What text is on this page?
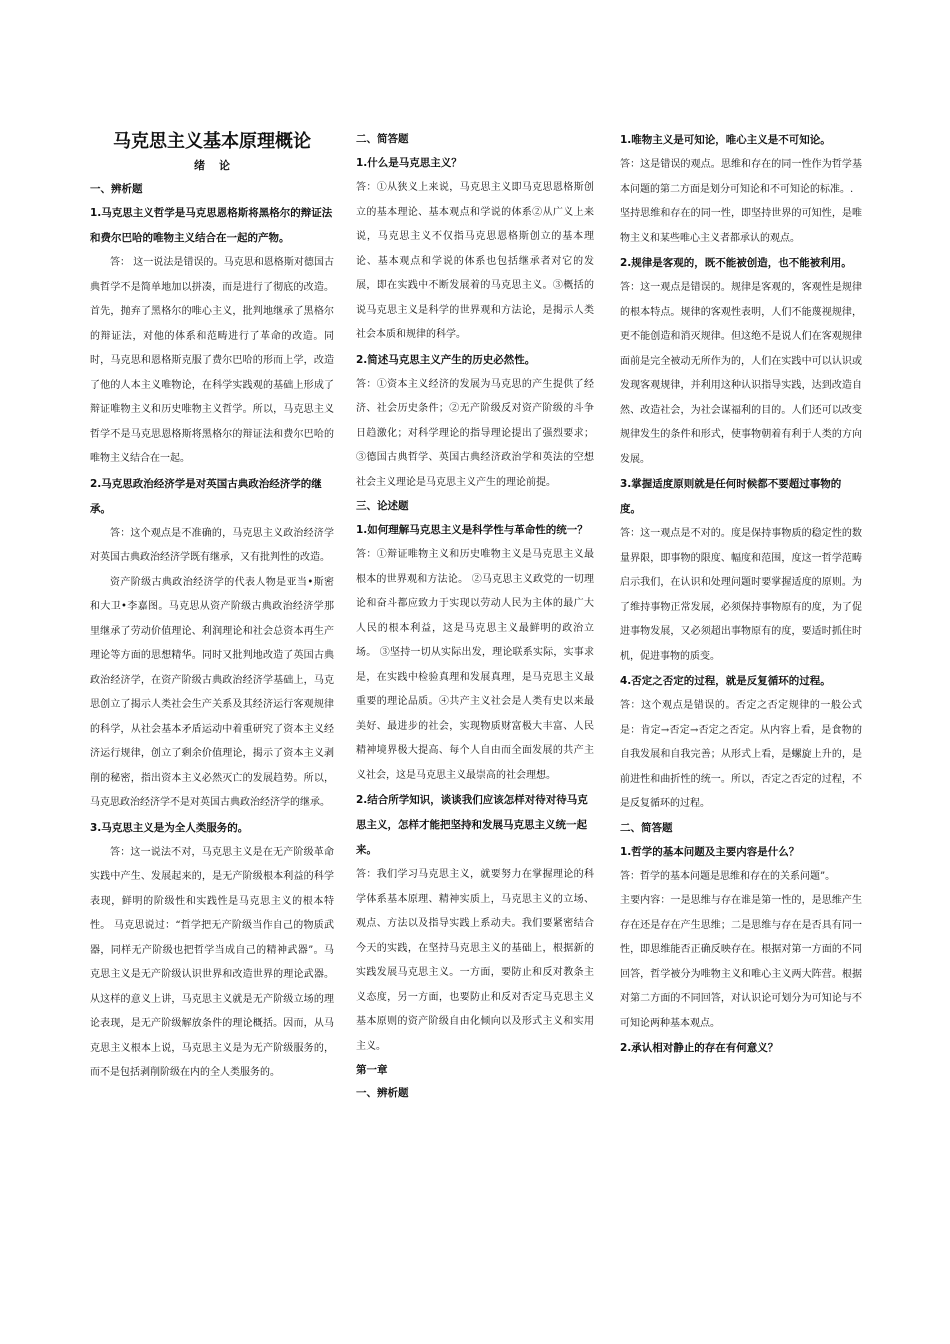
马克思主义基本原理概论
绪论
一、辨析题
1.马克思主义哲学是马克思恩格斯将黑格尔的辩证法和费尔巴哈的唯物主义结合在一起的产物。

答： 这一说法是错误的。马克思和恩格斯对德国古典哲学不是简单地加以拼凑，而是进行了彻底的改造。首先，抛弃了黑格尔的唯心主义，批判地继承了黑格尔的辩证法，对他的体系和范畴进行了革命的改造。同时，马克思和恩格斯克服了费尔巴哈的形而上学，改造了他的人本主义唯物论，在科学实践观的基础上形成了辩证唯物主义和历史唯物主义哲学。所以，马克思主义哲学不是马克思恩格斯将黑格尔的辩证法和费尔巴哈的唯物主义结合在一起。

2.马克思政治经济学是对英国古典政治经济学的继承。

答：这个观点是不准确的，马克思主义政治经济学对英国古典政治经济学既有继承，又有批判性的改造。

资产阶级古典政治经济学的代表人物是亚当•斯密和大卫•李嘉图。马克思从资产阶级古典政治经济学那里继承了劳动价值理论、利润理论和社会总资本再生产理论等方面的思想精华。同时又批判地改造了英国古典政治经济学，在资产阶级古典政治经济学基础上，马克思创立了揭示人类社会生产关系及其经济运行客观规律的科学，从社会基本矛盾运动中着重研究了资本主义经济运行规律，创立了剩余价值理论，揭示了资本主义剥削的秘密，指出资本主义必然灭亡的发展趋势。所以，马克思政治经济学不是对英国古典政治经济学的继承。

3.马克思主义是为全人类服务的。

答：这一说法不对，马克思主义是在无产阶级革命实践中产生、发展起来的，是无产阶级根本利益的科学表现，鲜明的阶级性和实践性是马克思主义的根本特性。 马克思说过：“哲学把无产阶级当作自己的物质武器，同样无产阶级也把哲学当成自己的精神武器”。马克思主义是无产阶级认识世界和改造世界的理论武器。从这样的意义上讲，马克思主义就是无产阶级立场的理论表现，是无产阶级解放条件的理论概括。因而，从马克思主义根本上说，马克思主义是为无产阶级服务的，而不是包括剥削阶级在内的全人类服务的。

二、简答题
1.什么是马克思主义？

答：①从狭义上来说，马克思主义即马克思恩格斯创立的基本理论、基本观点和学说的体系②从广义上来说，马克思主义不仅指马克思恩格斯创立的基本理论、基本观点和学说的体系也包括继承者对它的发展，即在实践中不断发展着的马克思主义。③概括的说马克思主义是科学的世界观和方法论，是揭示人类社会本质和规律的科学。

2.简述马克思主义产生的历史必然性。

答：①资本主义经济的发展为马克思的产生提供了经济、社会历史条件；②无产阶级反对资产阶级的斗争日趋激化；对科学理论的指导理论提出了强烈要求；③德国古典哲学、英国古典经济政治学和英法的空想社会主义理论是马克思主义产生的理论前提。

三、论述题
1.如何理解马克思主义是科学性与革命性的统一？

答：①辩证唯物主义和历史唯物主义是马克思主义最根本的世界观和方法论。 ②马克思主义政党的一切理论和奋斗都应致力于实现以劳动人民为主体的最广大人民的根本利益，这是马克思主义最鲜明的政治立场。 ③坚持一切从实际出发，理论联系实际，实事求是，在实践中检验真理和发展真理，是马克思主义最重要的理论品质。④共产主义社会是人类有史以来最美好、最进步的社会，实现物质财富极大丰富、人民精神境界极大提高、每个人自由而全面发展的共产主义社会，这是马克思主义最崇高的社会理想。

2.结合所学知识，谈谈我们应该怎样对待对待马克思主义，怎样才能把坚持和发展马克思主义统一起来。

答：我们学习马克思主义，就要努力在掌握理论的科学体系基本原理、精神实质上，马克思主义的立场、观点、方法以及指导实践上系动夫。我们要紧密结合今天的实践，在坚持马克思主义的基础上，根据新的实践发展马克思主义。一方面，要防止和反对教条主义态度，另一方面，也要防止和反对否定马克思主义基本原则的资产阶级自由化倾向以及形式主义和实用主义。

第一章
一、辨析题
1.唯物主义是可知论，唯心主义是不可知论。

答：这是错误的观点。思维和存在的同一性作为哲学基本问题的第二方面是划分可知论和不可知论的标准。.

坚持思维和存在的同一性，即坚持世界的可知性，是唯物主义和某些唯心主义者都承认的观点。

2.规律是客观的，既不能被创造，也不能被利用。

答：这一观点是错误的。规律是客观的，客观性是规律的根本特点。规律的客观性表明，人们不能蔑视规律，更不能创造和消灭规律。但这绝不是说人们在客观规律面前是完全被动无所作为的，人们在实践中可以认识或发现客观规律，并利用这种认识指导实践，达到改造自然、改造社会，为社会谋福利的目的。人们还可以改变规律发生的条件和形式，使事物朝着有利于人类的方向发展。

3.掌握适度原则就是任何时候都不要超过事物的度。

答：这一观点是不对的。度是保持事物质的稳定性的数量界限，即事物的限度、幅度和范围，度这一哲学范畴启示我们，在认识和处理问题时要掌握适度的原则。为了维持事物正常发展，必须保持事物原有的度，为了促进事物发展，又必须超出事物原有的度，要适时抓住时机，促进事物的质变。

4.否定之否定的过程，就是反复循环的过程。

答：这个观点是错误的。否定之否定规律的一般公式是：肯定→否定→否定之否定。从内容上看，是食物的自我发展和自我完善；从形式上看，是螺旋上升的，是前进性和曲折性的统一。所以，否定之否定的过程，不是反复循环的过程。

二、简答题
1.哲学的基本问题及主要内容是什么？

答：哲学的基本问题是思维和存在的关系问题”。

主要内容：一是思维与存在谁是第一性的，是思维产生存在还是存在产生思维；二是思维与存在是否具有同一性，即思维能否正确反映存在。根据对第一方面的不同回答，哲学被分为唯物主义和唯心主义两大阵营。根据对第二方面的不同回答，对认识论可划分为可知论与不可知论两种基本观点。

2.承认相对静止的存在有何意义？
